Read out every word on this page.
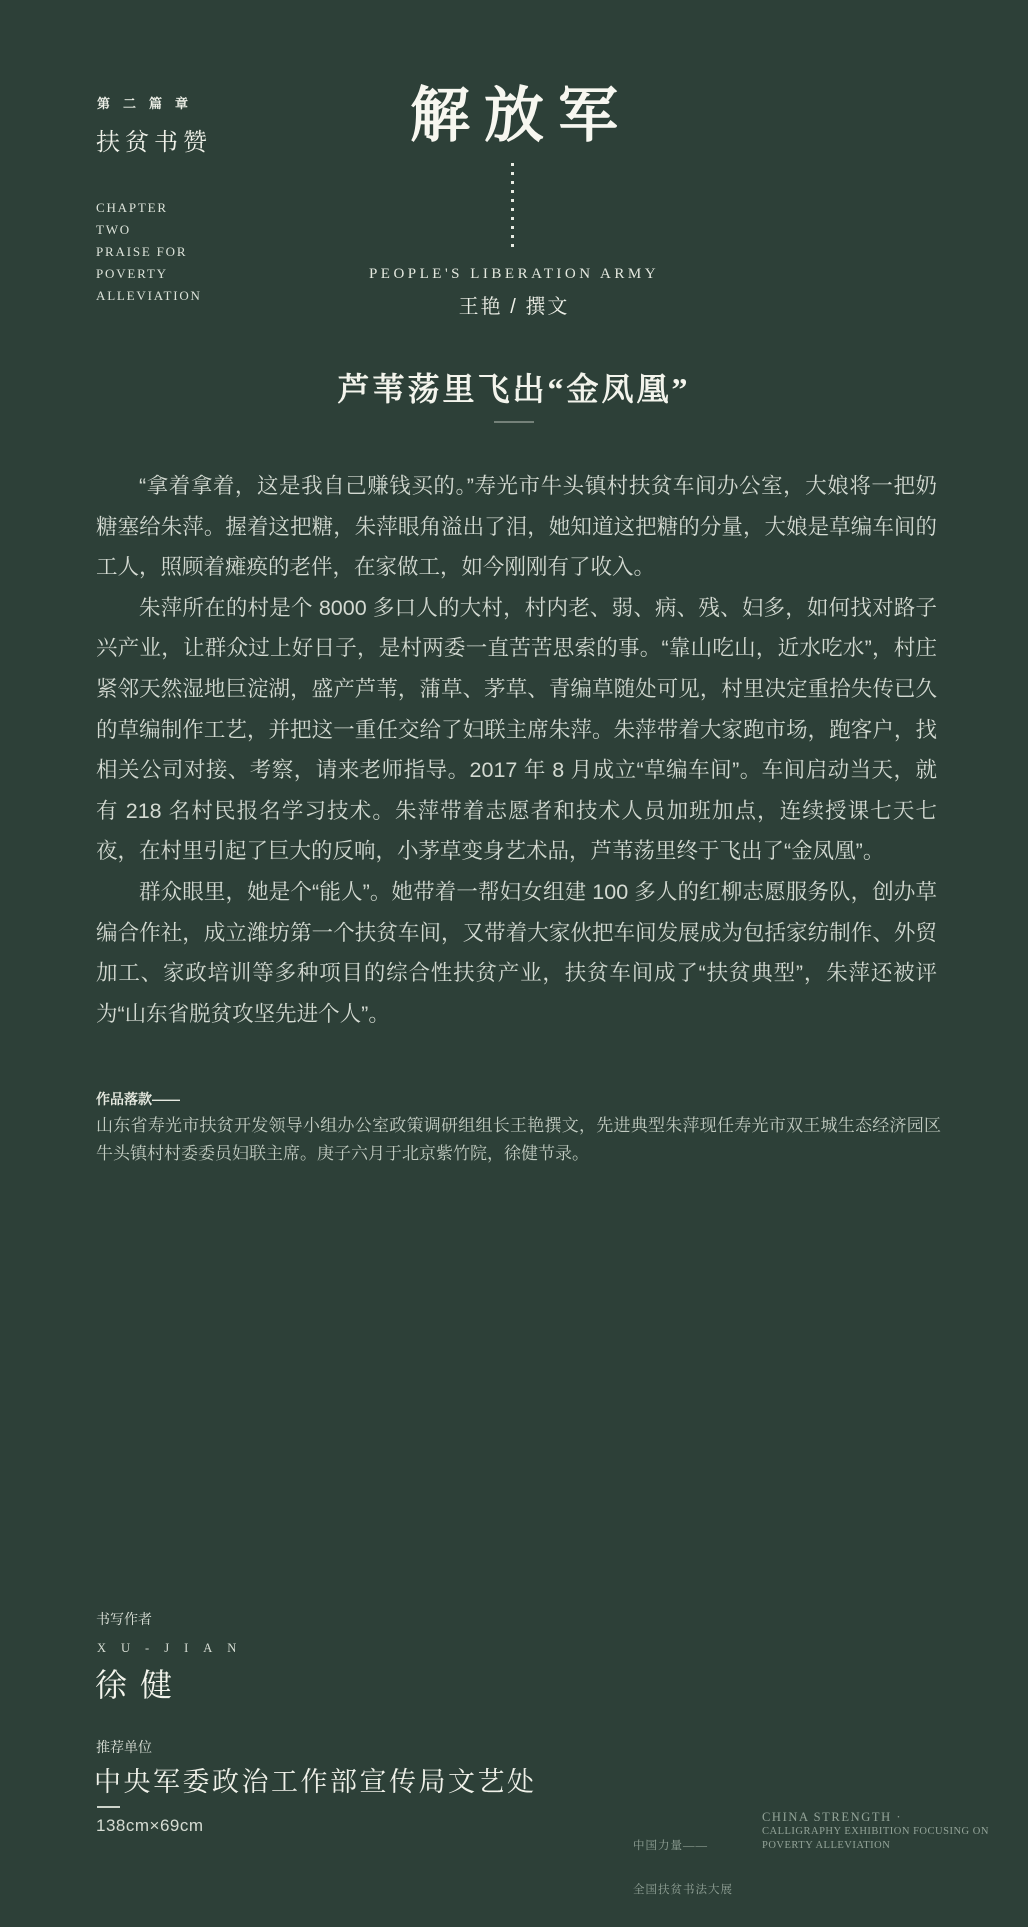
第二篇章
扶贫书赞
CHAPTER
TWO
PRAISE FOR
POVERTY
ALLEVIATION
解放军
PEOPLE'S LIBERATION ARMY
王艳 / 撰文
芦苇荡里飞出“金凤凰”

“拿着拿着，这是我自己赚钱买的。”寿光市牛头镇村扶贫车间办公室，大娘将一把奶糖塞给朱萍。握着这把糖，朱萍眼角溢出了泪，她知道这把糖的分量，大娘是草编车间的工人，照顾着瘫痪的老伴，在家做工，如今刚刚有了收入。

朱萍所在的村是个 8000 多口人的大村，村内老、弱、病、残、妇多，如何找对路子兴产业，让群众过上好日子，是村两委一直苦苦思索的事。“靠山吃山，近水吃水”，村庄紧邻天然湿地巨淀湖，盛产芦苇，蒲草、茅草、青编草随处可见，村里决定重拾失传已久的草编制作工艺，并把这一重任交给了妇联主席朱萍。朱萍带着大家跑市场，跑客户，找相关公司对接、考察，请来老师指导。2017 年 8 月成立“草编车间”。车间启动当天，就有 218 名村民报名学习技术。朱萍带着志愿者和技术人员加班加点，连续授课七天七夜，在村里引起了巨大的反响，小茅草变身艺术品，芦苇荡里终于飞出了“金凤凰”。

群众眼里，她是个“能人”。她带着一帮妇女组建 100 多人的红柳志愿服务队，创办草编合作社，成立潍坊第一个扶贫车间，又带着大家伙把车间发展成为包括家纺制作、外贸加工、家政培训等多种项目的综合性扶贫产业，扶贫车间成了“扶贫典型”，朱萍还被评为“山东省脱贫攻坚先进个人”。

作品落款——
山东省寿光市扶贫开发领导小组办公室政策调研组组长王艳撰文，先进典型朱萍现任寿光市双王城生态经济园区牛头镇村村委委员妇联主席。庚子六月于北京紫竹院，徐健节录。
书写作者
XU-JIAN
徐健
推荐单位
中央军委政治工作部宣传局文艺处
138cm×69cm

中国力量——

全国扶贫书法大展

CHINA STRENGTH ·
CALLIGRAPHY EXHIBITION FOCUSING ON POVERTY ALLEVIATION
